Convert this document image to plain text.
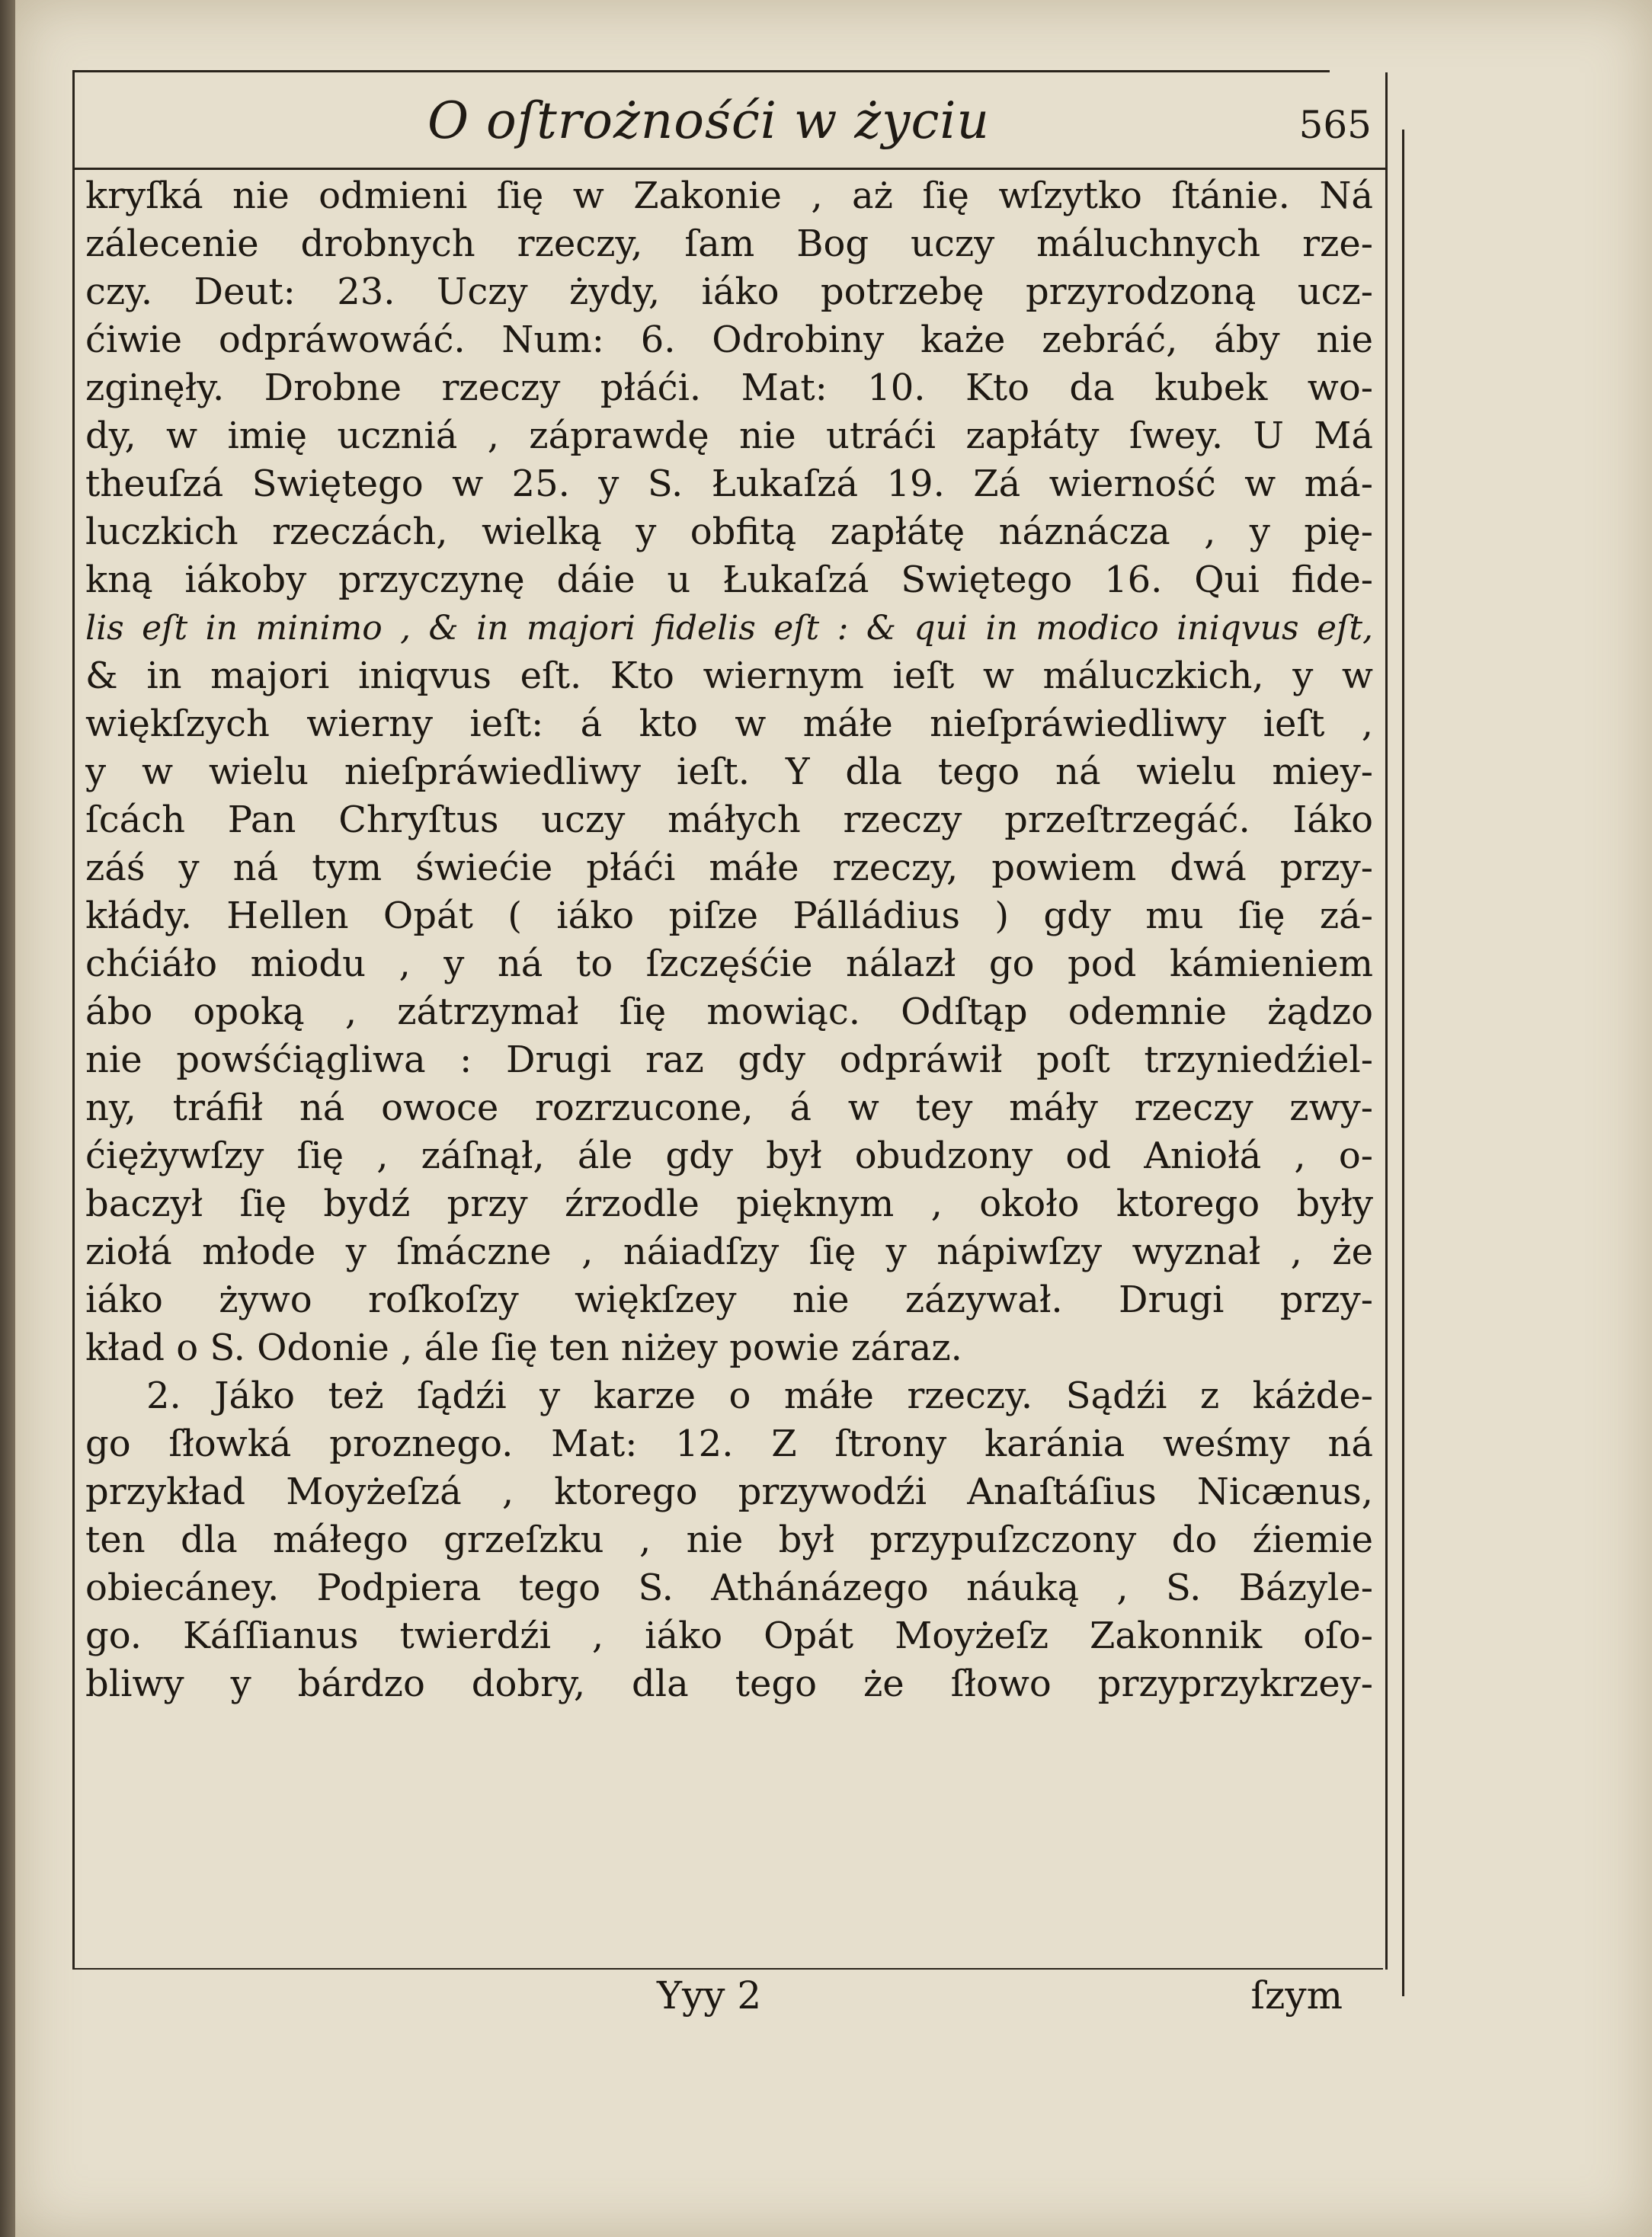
O oſtrożnośći w życiu	565
kryſká nie odmieni ſię w Zakonie , aż ſię wſzytko ſtánie. Ná
zálecenie drobnych rzeczy, ſam Bog uczy máluchnych rze-
czy. Deut: 23. Uczy żydy, iáko potrzebę przyrodzoną ucz-
ćiwie odpráwowáć. Num: 6. Odrobiny każe zebráć, áby nie
zginęły. Drobne rzeczy płáći. Mat: 10. Kto da kubek wo-
dy, w imię uczniá , záprawdę nie utráći zapłáty ſwey. U Má
theuſzá Swiętego w 25. y S. Łukaſzá 19. Zá wierność w má-
luczkich rzeczách, wielką y obfitą zapłátę náznácza , y pię-
kną iákoby przyczynę dáie u Łukaſzá Swiętego 16. Qui fide-
lis eſt in minimo , & in majori fidelis eſt : & qui in modico iniqvus eſt,
& in majori iniqvus eſt. Kto wiernym ieſt w máluczkich, y w
więkſzych wierny ieſt: á kto w máłe nieſpráwiedliwy ieſt ,
y w wielu nieſpráwiedliwy ieſt. Y dla tego ná wielu miey-
ſcách Pan Chryſtus uczy máłych rzeczy przeſtrzegáć. Iáko
záś y ná tym świećie płáći máłe rzeczy, powiem dwá przy-
kłády. Hellen Opát ( iáko piſze Pálládius ) gdy mu ſię zá-
chćiáło miodu , y ná to ſzczęśćie nálazł go pod kámieniem
ábo opoką , zátrzymał ſię mowiąc. Odſtąp odemnie żądzo
nie powśćiągliwa : Drugi raz gdy odpráwił poſt trzyniedźiel-
ny, tráfił ná owoce rozrzucone, á w tey máły rzeczy zwy-
ćiężywſzy ſię , záſnął, ále gdy był obudzony od Aniołá , o-
baczył ſię bydź przy źrzodle pięknym , około ktorego były
ziołá młode y ſmáczne , náiadſzy ſię y nápiwſzy wyznał , że
iáko żywo roſkoſzy więkſzey nie zázywał. Drugi przy-
kład o S. Odonie , ále ſię ten niżey powie záraz.
2. Jáko też ſądźi y karze o máłe rzeczy. Sądźi z káżde-
go ſłowká proznego. Mat: 12. Z ſtrony karánia weśmy ná
przykład Moyżeſzá , ktorego przywodźi Anaſtáſius Nicænus,
ten dla máłego grzeſzku , nie był przypuſzczony do źiemie
obiecáney. Podpiera tego S. Athánázego náuką , S. Bázyle-
go. Káſſianus twierdźi , iáko Opát Moyżeſz Zakonnik oſo-
bliwy y bárdzo dobry, dla tego że ſłowo przyprzykrzey-
Yyy 2	ſzym
